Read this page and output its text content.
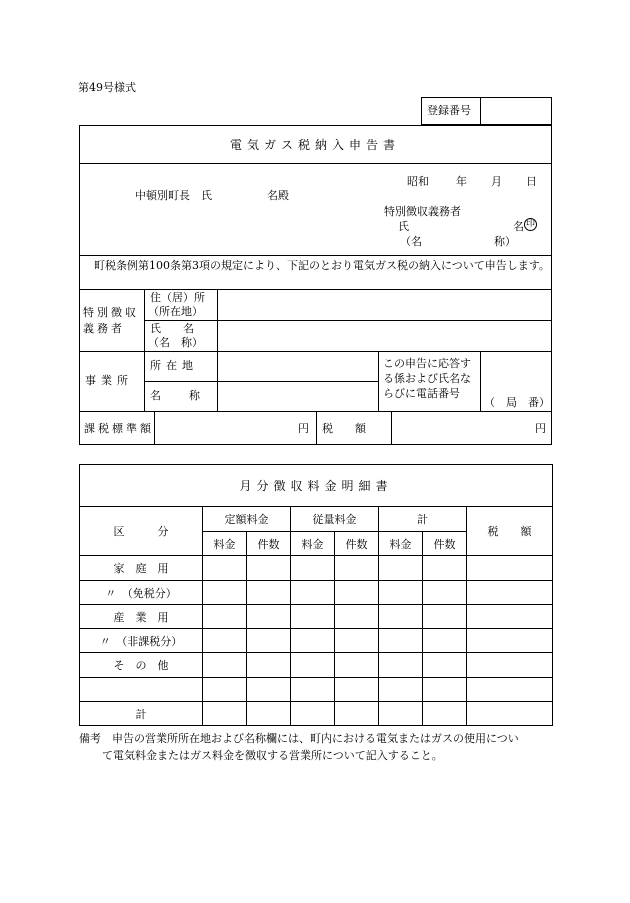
第49号様式
登録番号
電気ガス税納入申告書
昭和 年 月 日
中頓別町長　氏　　　　　名殿
特別徴収義務者
氏	名 印
（名	称）
町税条例第100条第3項の規定により、下記のとおり電気ガス税の納入について申告します。
特別徴収
義務者
住（居）所
（所在地）
氏　　名
（名　称）
事業所
所在地
名称
この申告に応答す
る係および氏名な
らびに電話番号
（　局　番）
課税標準額	円 税　　額	円
月分徴収料金明細書							
区　　　分	定額料金		従量料金		計		税　　額
	料金	件数	料金	件数	料金	件数	
家　庭　用							
〃　（免税分）							
産　業　用							
〃　（非課税分）							
そ　の　他							

計							
備考　申告の営業所所在地および名称欄には、町内における電気またはガスの使用につい
て電気料金またはガス料金を徴収する営業所について記入すること。
